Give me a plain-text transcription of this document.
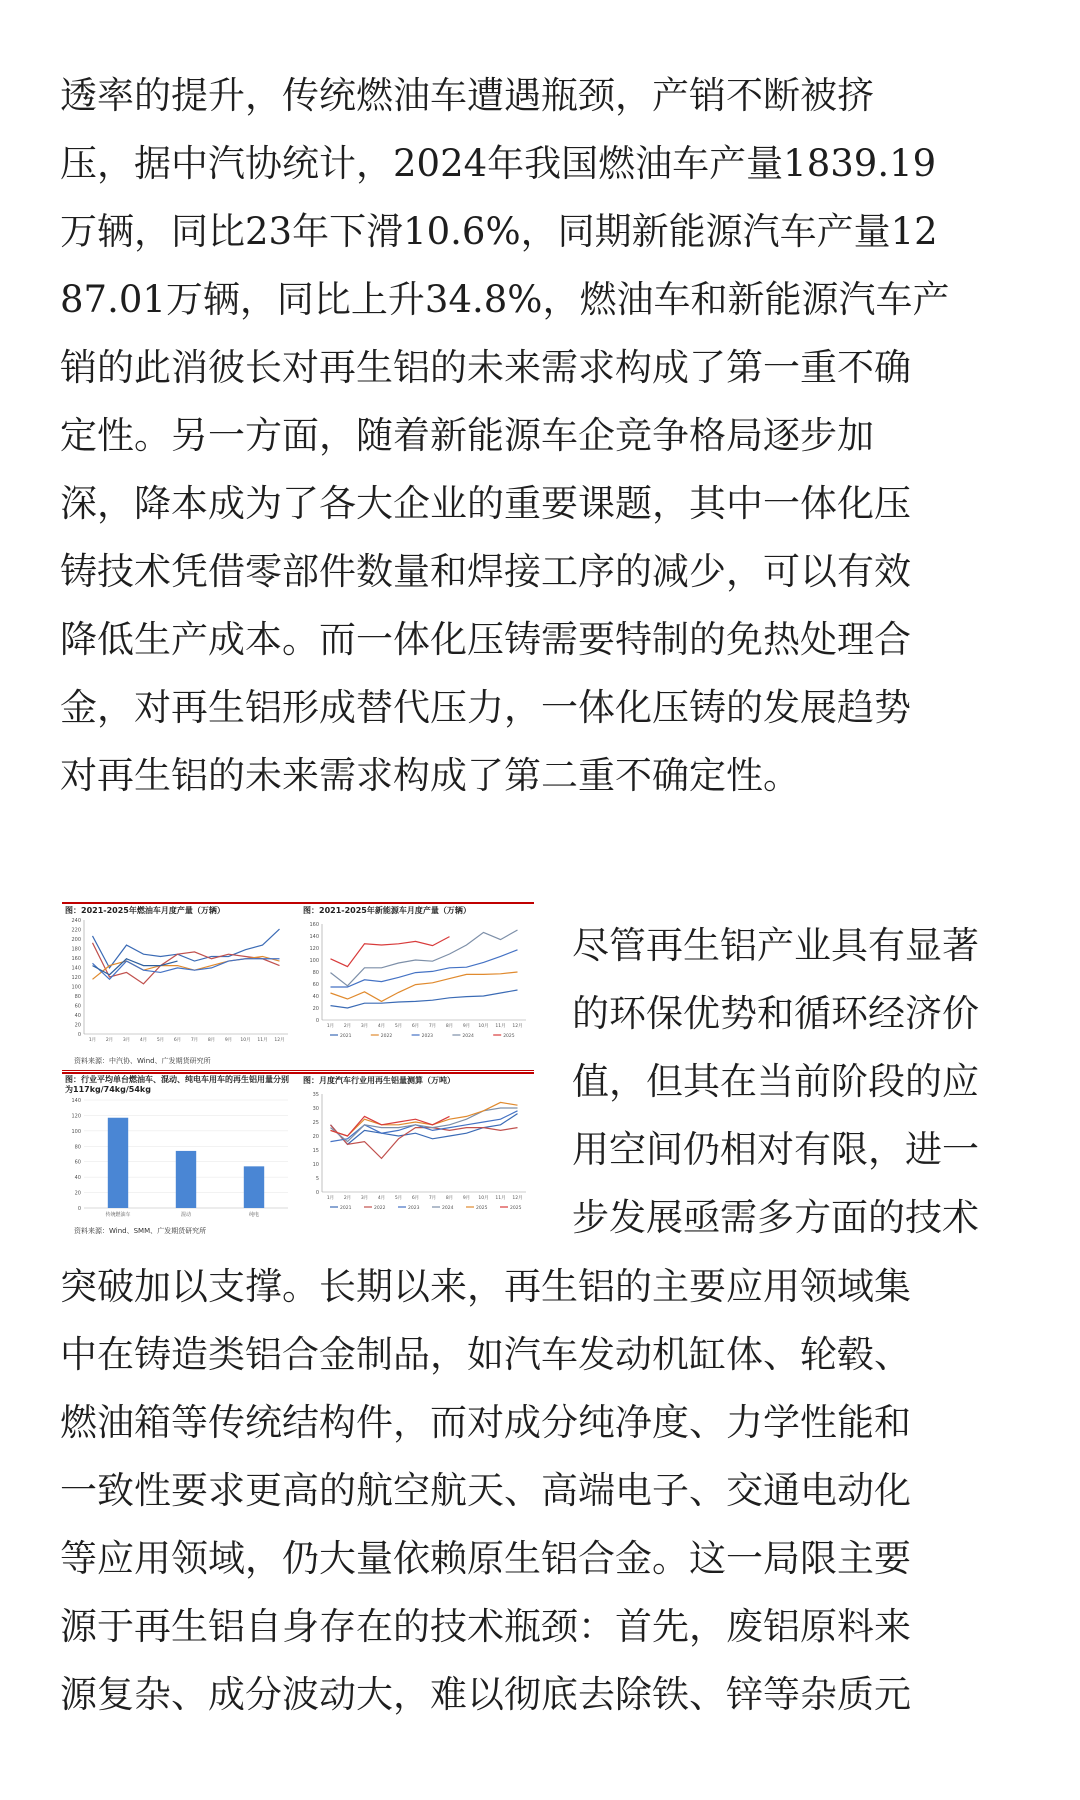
透率的提升，传统燃油车遭遇瓶颈，产销不断被挤
压，据中汽协统计，2024年我国燃油车产量1839.19
万辆，同比23年下滑10.6%，同期新能源汽车产量12
87.01万辆，同比上升34.8%，燃油车和新能源汽车产
销的此消彼长对再生铝的未来需求构成了第一重不确
定性。另一方面，随着新能源车企竞争格局逐步加
深，降本成为了各大企业的重要课题，其中一体化压
铸技术凭借零部件数量和焊接工序的减少，可以有效
降低生产成本。而一体化压铸需要特制的免热处理合
金，对再生铝形成替代压力，一体化压铸的发展趋势
对再生铝的未来需求构成了第二重不确定性。
图：2021-2025年燃油车月度产量（万辆）
0
20
40
60
80
100
120
140
160
180
200
220
240
1月 2月 3月 4月 5月 6月 7月 8月 9月 10月 11月 12月
图：2021-2025年新能源车月度产量（万辆）
0
20
40
60
80
100
120
140
160
1月 2月 3月 4月 5月 6月 7月 8月 9月 10月 11月 12月
2021	2022	2023	2024	2025
资料来源：中汽协、Wind、广发期货研究所
图：行业平均单台燃油车、混动、纯电车用车的再生铝用量分别为117kg/74kg/54kg
0
20
40
60
80
100
120
140
传统燃油车	混动	纯电
图：月度汽车行业用再生铝量测算（万吨）
0
5
10
15
20
25
30
35
1月 2月 3月 4月 5月 6月 7月 8月 9月 10月 11月 12月
2021	2022	2023	2024	2025	2025
资料来源：Wind、SMM、广发期货研究所
尽管再生铝产业具有显著
的环保优势和循环经济价
值，但其在当前阶段的应
用空间仍相对有限，进一
步发展亟需多方面的技术
突破加以支撑。长期以来，再生铝的主要应用领域集
中在铸造类铝合金制品，如汽车发动机缸体、轮毂、
燃油箱等传统结构件，而对成分纯净度、力学性能和
一致性要求更高的航空航天、高端电子、交通电动化
等应用领域，仍大量依赖原生铝合金。这一局限主要
源于再生铝自身存在的技术瓶颈：首先，废铝原料来
源复杂、成分波动大，难以彻底去除铁、锌等杂质元
